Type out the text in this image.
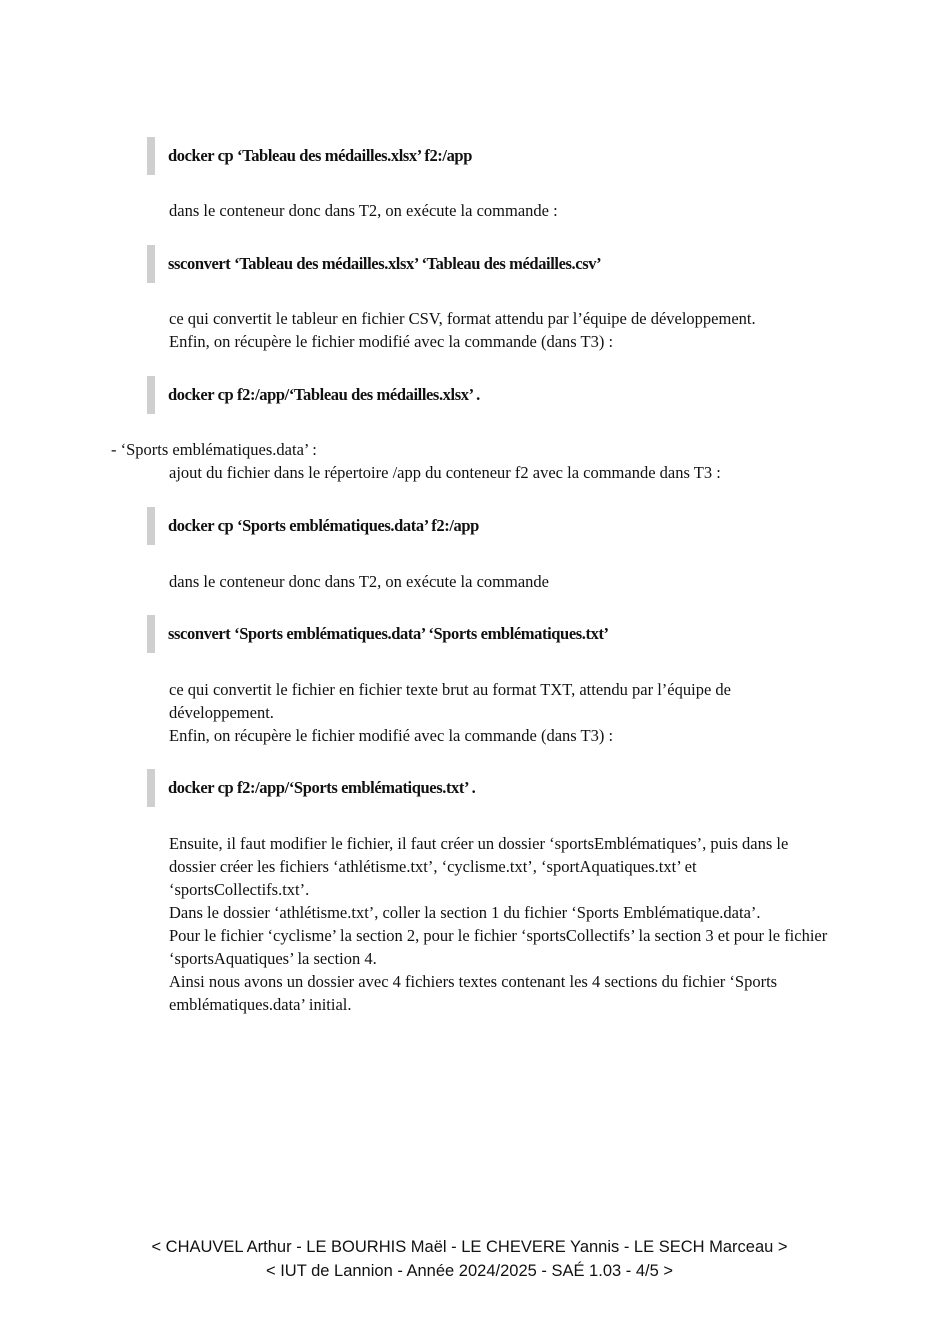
docker cp ‘Tableau des médailles.xlsx’ f2:/app

dans le conteneur donc dans T2, on exécute la commande :

ssconvert ‘Tableau des médailles.xlsx’ ‘Tableau des médailles.csv’

ce qui convertit le tableur en fichier CSV, format attendu par l’équipe de développement.

Enfin, on récupère le fichier modifié avec la commande (dans T3) :

docker cp f2:/app/‘Tableau des médailles.xlsx’ .

- ‘Sports emblématiques.data’ :

ajout du fichier dans le répertoire /app du conteneur f2 avec la commande dans T3 :

docker cp ‘Sports emblématiques.data’ f2:/app

dans le conteneur donc dans T2, on exécute la commande

ssconvert ‘Sports emblématiques.data’ ‘Sports emblématiques.txt’

ce qui convertit le fichier en fichier texte brut au format TXT, attendu par l’équipe de développement.

Enfin, on récupère le fichier modifié avec la commande (dans T3) :

docker cp f2:/app/‘Sports emblématiques.txt’ .

Ensuite, il faut modifier le fichier, il faut créer un dossier ‘sportsEmblématiques’, puis dans le dossier créer les fichiers ‘athlétisme.txt’, ‘cyclisme.txt’, ‘sportAquatiques.txt’ et ‘sportsCollectifs.txt’.

Dans le dossier ‘athlétisme.txt’, coller la section 1 du fichier ‘Sports Emblématique.data’.

Pour le fichier ‘cyclisme’ la section 2, pour le fichier ‘sportsCollectifs’ la section 3 et pour le fichier ‘sportsAquatiques’ la section 4.

Ainsi nous avons un dossier avec 4 fichiers textes contenant les 4 sections du fichier ‘Sports emblématiques.data’ initial.

< CHAUVEL Arthur - LE BOURHIS Maël - LE CHEVERE Yannis - LE SECH Marceau >
< IUT de Lannion - Année 2024/2025 - SAÉ 1.03 - 4/5 >
